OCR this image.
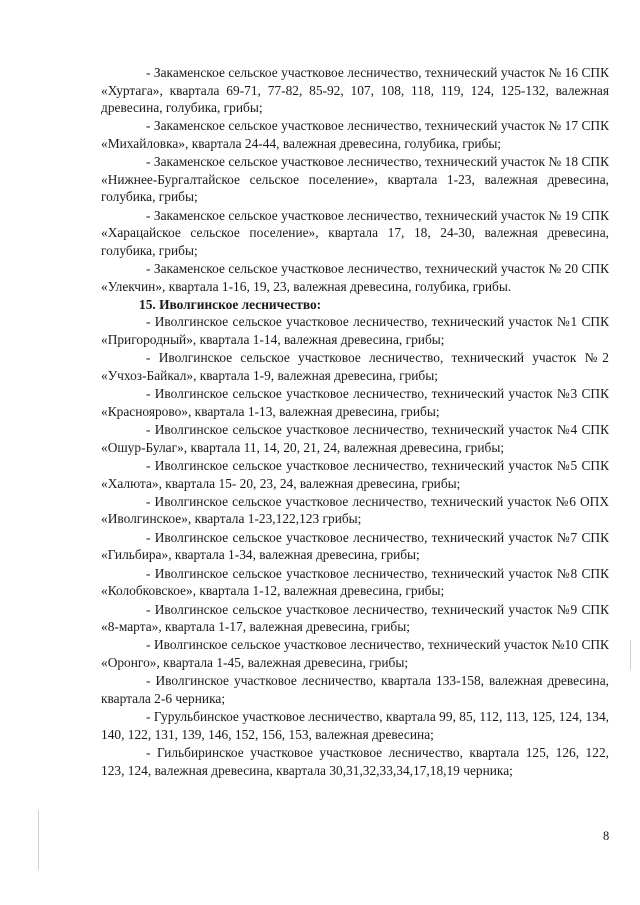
- Закаменское сельское участковое лесничество, технический участок № 16 СПК «Хуртага», квартала 69-71, 77-82, 85-92, 107, 108, 118, 119, 124, 125-132, валежная древесина, голубика, грибы;

- Закаменское сельское участковое лесничество, технический участок № 17 СПК «Михайловка», квартала 24-44, валежная древесина, голубика, грибы;

- Закаменское сельское участковое лесничество, технический участок № 18 СПК «Нижнее-Бургалтайское сельское поселение», квартала 1-23, валежная древесина, голубика, грибы;

- Закаменское сельское участковое лесничество, технический участок № 19 СПК «Харацайское сельское поселение», квартала 17, 18, 24-30, валежная древесина, голубика, грибы;

- Закаменское сельское участковое лесничество, технический участок № 20 СПК «Улекчин», квартала 1-16, 19, 23, валежная древесина, голубика, грибы.

15. Иволгинское лесничество:

- Иволгинское сельское участковое лесничество, технический участок №1 СПК «Пригородный», квартала 1-14, валежная древесина, грибы;

- Иволгинское сельское участковое лесничество, технический участок №2 «Учхоз-Байкал», квартала 1-9, валежная древесина, грибы;

- Иволгинское сельское участковое лесничество, технический участок №3 СПК «Красноярово», квартала 1-13, валежная древесина, грибы;

- Иволгинское сельское участковое лесничество, технический участок №4 СПК «Ошур-Булаг», квартала 11, 14, 20, 21, 24, валежная древесина, грибы;

- Иволгинское сельское участковое лесничество, технический участок №5 СПК «Халюта», квартала 15- 20, 23, 24, валежная древесина, грибы;

- Иволгинское сельское участковое лесничество, технический участок №6 ОПХ «Иволгинское», квартала 1-23,122,123 грибы;

- Иволгинское сельское участковое лесничество, технический участок №7 СПК «Гильбира», квартала 1-34, валежная древесина, грибы;

- Иволгинское сельское участковое лесничество, технический участок №8 СПК «Колобковское», квартала 1-12, валежная древесина, грибы;

- Иволгинское сельское участковое лесничество, технический участок №9 СПК «8-марта», квартала 1-17, валежная древесина, грибы;

- Иволгинское сельское участковое лесничество, технический участок №10 СПК «Оронго», квартала 1-45, валежная древесина, грибы;

- Иволгинское участковое лесничество, квартала 133-158, валежная древесина, квартала 2-6 черника;

- Гурульбинское участковое лесничество, квартала 99, 85, 112, 113, 125, 124, 134, 140, 122, 131, 139, 146, 152, 156, 153, валежная древесина;

- Гильбиринское участковое участковое лесничество, квартала 125, 126, 122, 123, 124, валежная древесина, квартала 30,31,32,33,34,17,18,19 черника;

8
